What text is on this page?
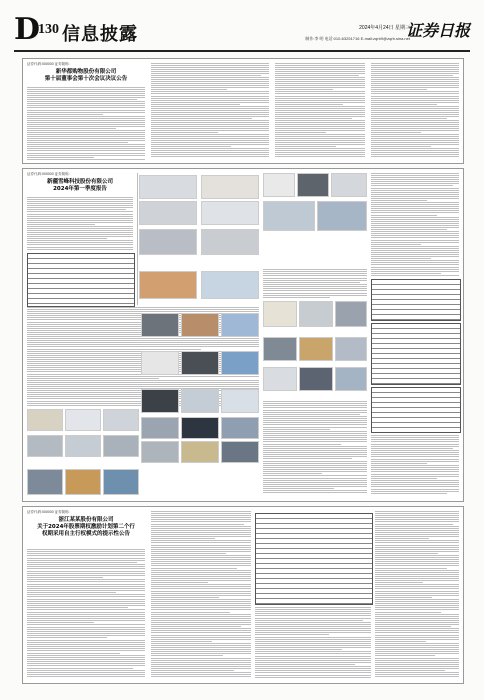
D
130 信息披露	2024年4月24日 星期三
制作:李 明 电话:010-63251716 E-mail:zqrb9@zqrb.sina.net
证券日报
证券代码:000000 证券简称:
新华都购物股份有限公司
第十届董事会第十次会议决议公告
证券代码:000000 证券简称:
新疆雪峰科技股份有限公司
2024年第一季度报告
证券代码:000000 证券简称:
浙江某某股份有限公司
关于2024年股票期权激励计划第二个行权期采用自主行权模式的提示性公告
